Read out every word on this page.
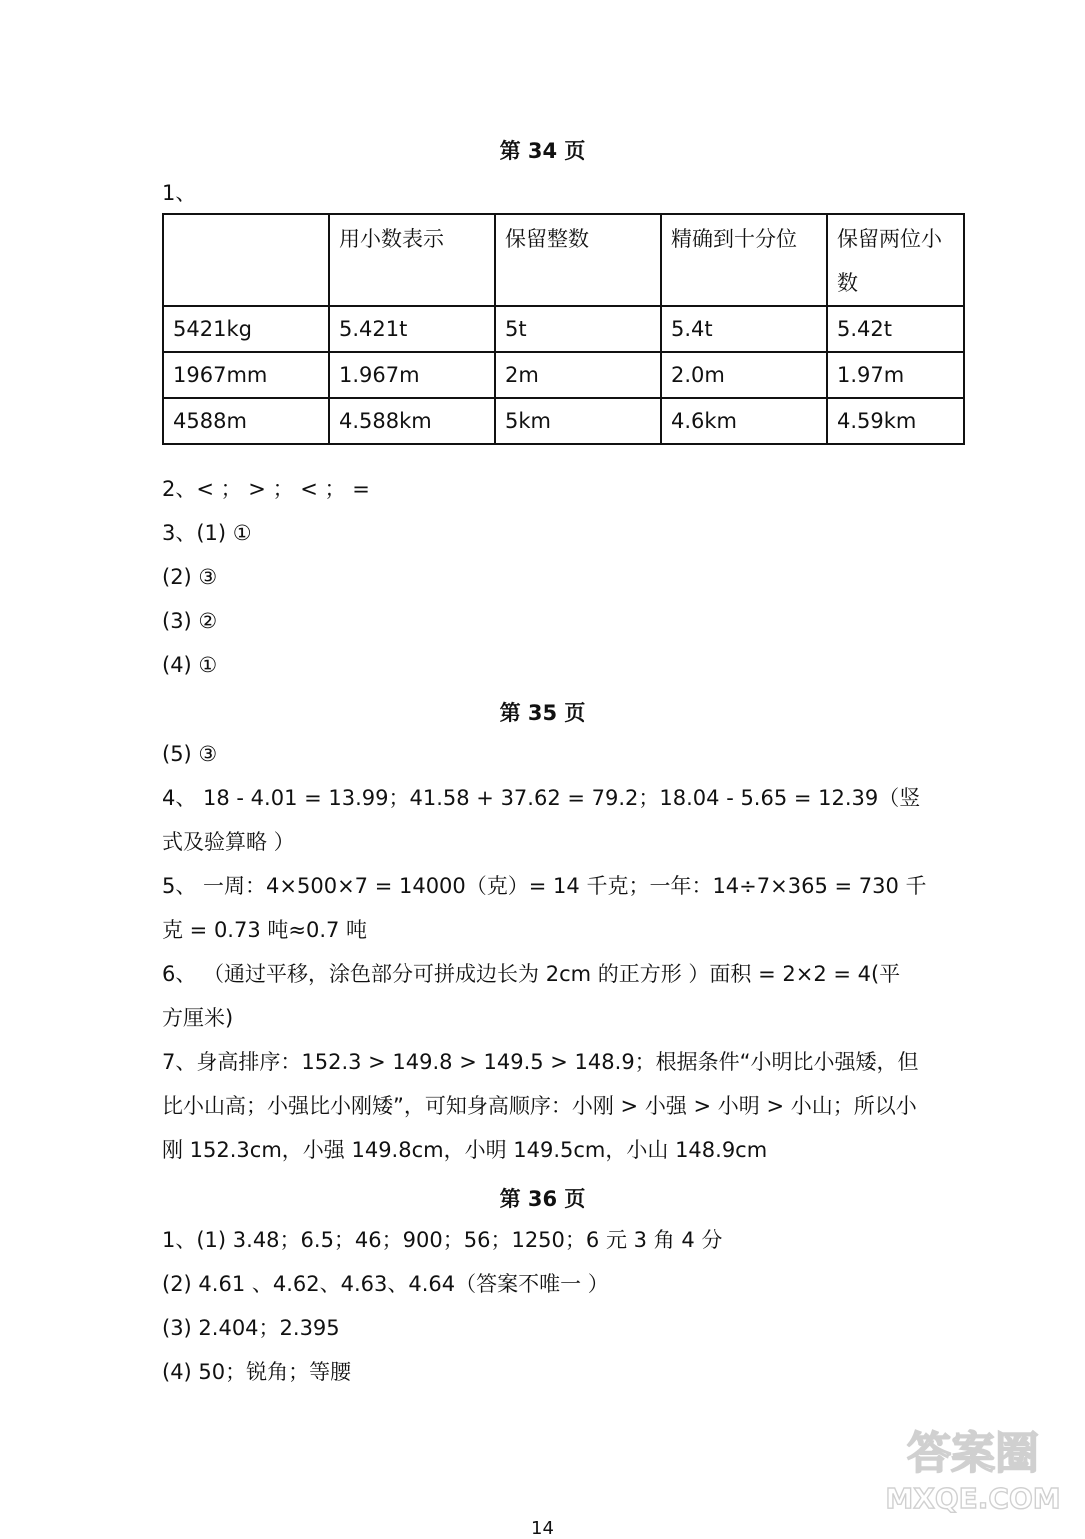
第 34 页
1、
	用小数表示	保留整数	精确到十分位	保留两位小数
5421kg	5.421t	5t	5.4t	5.42t
1967mm	1.967m	2m	2.0m	1.97m
4588m	4.588km	5km	4.6km	4.59km
2、< ； > ； < ； =
3、(1) ①
(2) ③
(3) ②
(4) ①
第 35 页
(5) ③
4、 18 - 4.01 = 13.99；41.58 + 37.62 = 79.2；18.04 - 5.65 = 12.39（竖
式及验算略 ）
5、 一周：4×500×7 = 14000（克）= 14 千克；一年：14÷7×365 = 730 千
克 = 0.73 吨≈0.7 吨
6、 （通过平移，涂色部分可拼成边长为 2cm 的正方形 ）面积 = 2×2 = 4(平
方厘米)
7、身高排序：152.3 > 149.8 > 149.5 > 148.9；根据条件“小明比小强矮，但
比小山高；小强比小刚矮”，可知身高顺序：小刚 > 小强 > 小明 > 小山；所以小
刚 152.3cm，小强 149.8cm，小明 149.5cm，小山 148.9cm
第 36 页
1、(1) 3.48；6.5；46；900；56；1250；6 元 3 角 4 分
(2) 4.61 、4.62、4.63、4.64（答案不唯一 ）
(3) 2.404；2.395
(4) 50；锐角；等腰
答案圈
MXQE.COM
14
